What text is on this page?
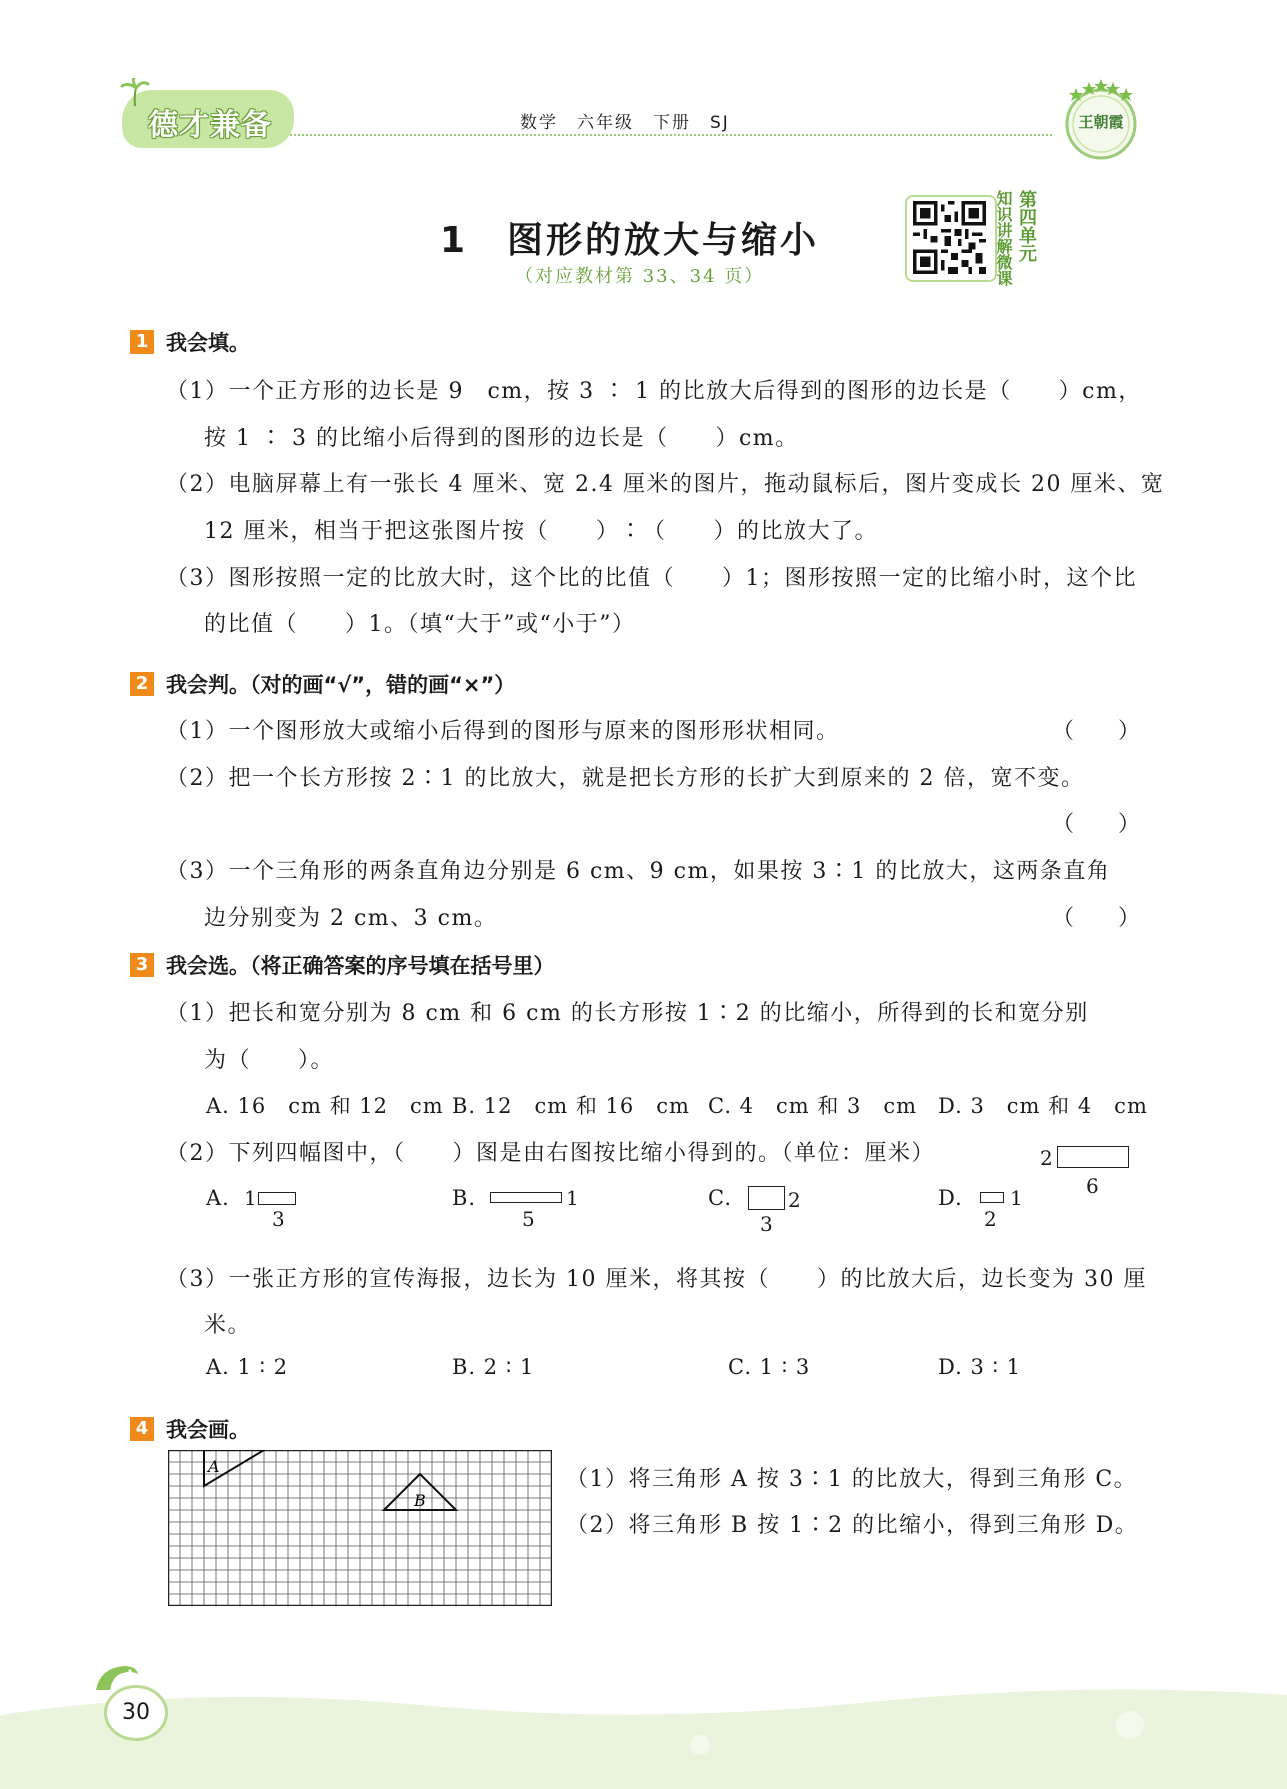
德才兼备	数学　六年级　下册　SJ	王朝霞
1　图形的放大与缩小
（对应教材第 33、34 页）	知识讲解微课 第四单元
1 我会填。
（1）一个正方形的边长是 9　cm，按 3 ∶ 1 的比放大后得到的图形的边长是（　　）cm，
按 1 ∶ 3 的比缩小后得到的图形的边长是（　　）cm。
（2）电脑屏幕上有一张长 4 厘米、宽 2.4 厘米的图片，拖动鼠标后，图片变成长 20 厘米、宽
12 厘米，相当于把这张图片按（　　）∶（　　）的比放大了。
（3）图形按照一定的比放大时，这个比的比值（　　）1；图形按照一定的比缩小时，这个比
的比值（　　）1。（填“大于”或“小于”）
2 我会判。（对的画“√”，错的画“×”）
（1）一个图形放大或缩小后得到的图形与原来的图形形状相同。	（　　）
（2）把一个长方形按 2∶1 的比放大，就是把长方形的长扩大到原来的 2 倍，宽不变。
（　　）
（3）一个三角形的两条直角边分别是 6 cm、9 cm，如果按 3∶1 的比放大，这两条直角
边分别变为 2 cm、3 cm。	（　　）
3 我会选。（将正确答案的序号填在括号里）
（1）把长和宽分别为 8 cm 和 6 cm 的长方形按 1∶2 的比缩小，所得到的长和宽分别
为（　　）。
A. 16　cm 和 12　cm B. 12　cm 和 16　cm C. 4　cm 和 3　cm D. 3　cm 和 4　cm
（2）下列四幅图中，（　　）图是由右图按比缩小得到的。（单位：厘米）	2
6
A. 1
3
B.	1
5
C.	2
3
D. 1
2
（3）一张正方形的宣传海报，边长为 10 厘米，将其按（　　）的比放大后，边长变为 30 厘
米。
A. 1 ∶ 2	B. 2 ∶ 1	C. 1 ∶ 3	D. 3 ∶ 1
4 我会画。
A
B
（1）将三角形 A 按 3∶1 的比放大，得到三角形 C。
（2）将三角形 B 按 1∶2 的比缩小，得到三角形 D。
30
